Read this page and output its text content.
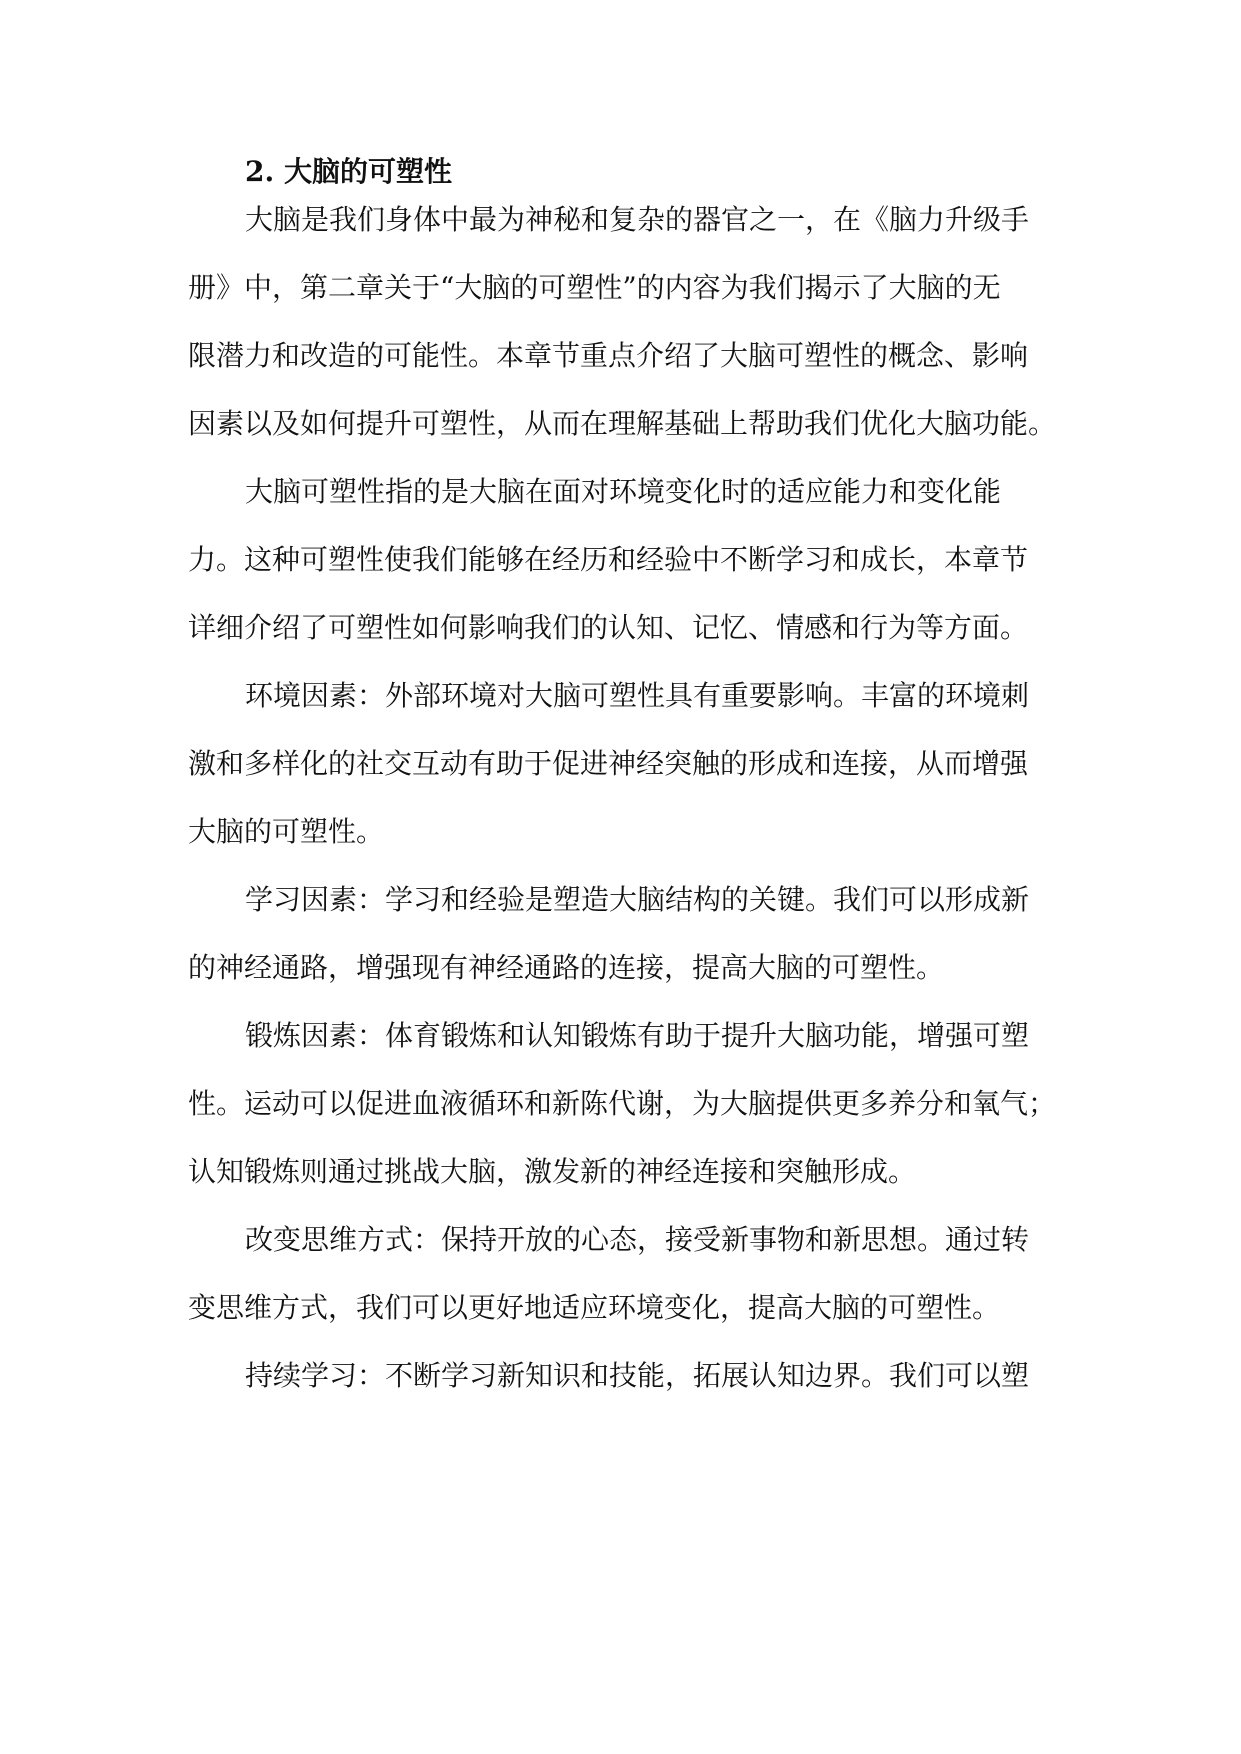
2. 大脑的可塑性
大脑是我们身体中最为神秘和复杂的器官之一，在《脑力升级手
册》中，第二章关于“大脑的可塑性”的内容为我们揭示了大脑的无
限潜力和改造的可能性。本章节重点介绍了大脑可塑性的概念、影响
因素以及如何提升可塑性，从而在理解基础上帮助我们优化大脑功能。
大脑可塑性指的是大脑在面对环境变化时的适应能力和变化能
力。这种可塑性使我们能够在经历和经验中不断学习和成长，本章节
详细介绍了可塑性如何影响我们的认知、记忆、情感和行为等方面。
环境因素：外部环境对大脑可塑性具有重要影响。丰富的环境刺
激和多样化的社交互动有助于促进神经突触的形成和连接，从而增强
大脑的可塑性。
学习因素：学习和经验是塑造大脑结构的关键。我们可以形成新
的神经通路，增强现有神经通路的连接，提高大脑的可塑性。
锻炼因素：体育锻炼和认知锻炼有助于提升大脑功能，增强可塑
性。运动可以促进血液循环和新陈代谢，为大脑提供更多养分和氧气；
认知锻炼则通过挑战大脑，激发新的神经连接和突触形成。
改变思维方式：保持开放的心态，接受新事物和新思想。通过转
变思维方式，我们可以更好地适应环境变化，提高大脑的可塑性。
持续学习：不断学习新知识和技能，拓展认知边界。我们可以塑
